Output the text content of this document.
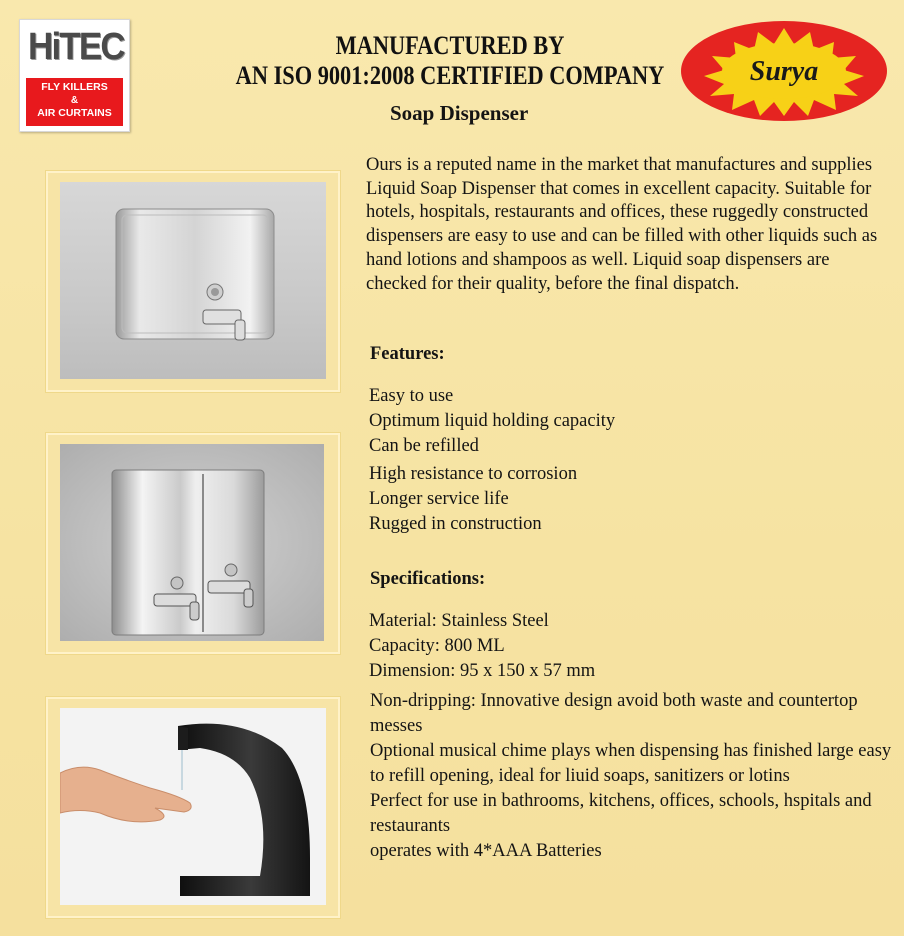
HiTEC
FLY KILLERS
&
AIR CURTAINS
MANUFACTURED BY
AN ISO 9001:2008 CERTIFIED COMPANY
Soap Dispenser
Surya
Ours is a reputed name in the market that manufactures and supplies Liquid Soap Dispenser that comes in excellent capacity. Suitable for hotels, hospitals, restaurants and offices, these ruggedly constructed dispensers are easy to use and can be filled with other liquids such as hand lotions and shampoos as well. Liquid soap dispensers are checked for their quality, before the final dispatch.
Features:
Easy to use
Optimum liquid holding capacity
Can be refilled
High resistance to corrosion
Longer service life
Rugged in construction
Specifications:
Material: Stainless Steel
Capacity: 800 ML
Dimension: 95 x 150 x 57 mm
Non-dripping: Innovative design avoid both waste and countertop messes
Optional musical chime plays when dispensing has finished large easy to refill opening, ideal for liuid soaps, sanitizers or lotins
Perfect for use in bathrooms, kitchens, offices, schools, hspitals and restaurants
operates with 4*AAA Batteries
